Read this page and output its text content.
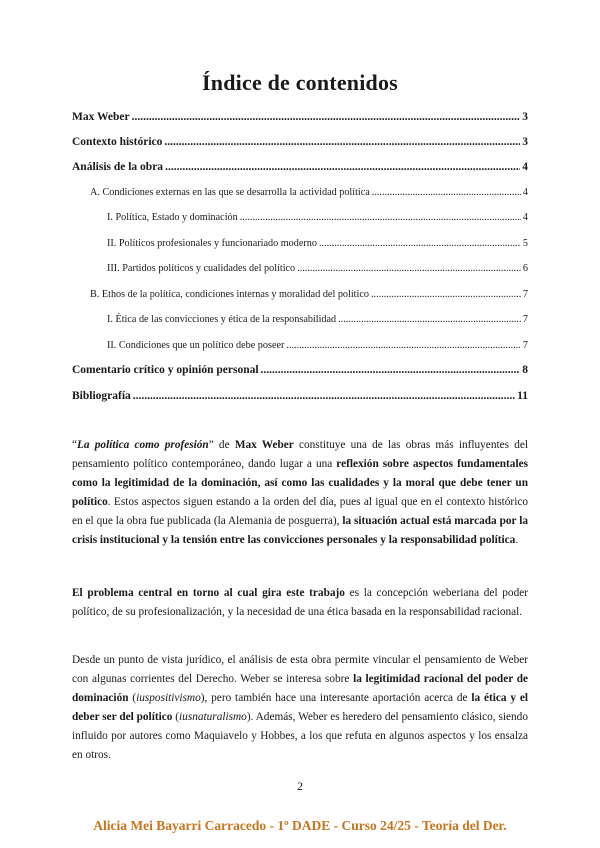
Índice de contenidos
Max Weber .....	3
Contexto histórico .....	3
Análisis de la obra .....	4
A. Condiciones externas en las que se desarrolla la actividad política .....	4
I. Política, Estado y dominación .....	4
II. Políticos profesionales y funcionariado moderno .....	5
III. Partidos políticos y cualidades del político .....	6
B. Ethos de la política, condiciones internas y moralidad del político .....	7
I. Ética de las convicciones y ética de la responsabilidad .....	7
II. Condiciones que un político debe poseer .....	7
Comentario crítico y opinión personal .....	8
Bibliografía .....	11

“La política como profesión” de Max Weber constituye una de las obras más influyentes del pensamiento político contemporáneo, dando lugar a una reflexión sobre aspectos fundamentales como la legitimidad de la dominación, así como las cualidades y la moral que debe tener un político. Estos aspectos siguen estando a la orden del día, pues al igual que en el contexto histórico en el que la obra fue publicada (la Alemania de posguerra), la situación actual está marcada por la crisis institucional y la tensión entre las convicciones personales y la responsabilidad política.

El problema central en torno al cual gira este trabajo es la concepción weberiana del poder político, de su profesionalización, y la necesidad de una ética basada en la responsabilidad racional.

Desde un punto de vista jurídico, el análisis de esta obra permite vincular el pensamiento de Weber con algunas corrientes del Derecho. Weber se interesa sobre la legitimidad racional del poder de dominación (iuspositivismo), pero también hace una interesante aportación acerca de la ética y el deber ser del político (iusnaturalismo). Además, Weber es heredero del pensamiento clásico, siendo influido por autores como Maquiavelo y Hobbes, a los que refuta en algunos aspectos y los ensalza en otros.

2
Alicia Mei Bayarri Carracedo - 1º DADE - Curso 24/25 - Teoría del Der.
